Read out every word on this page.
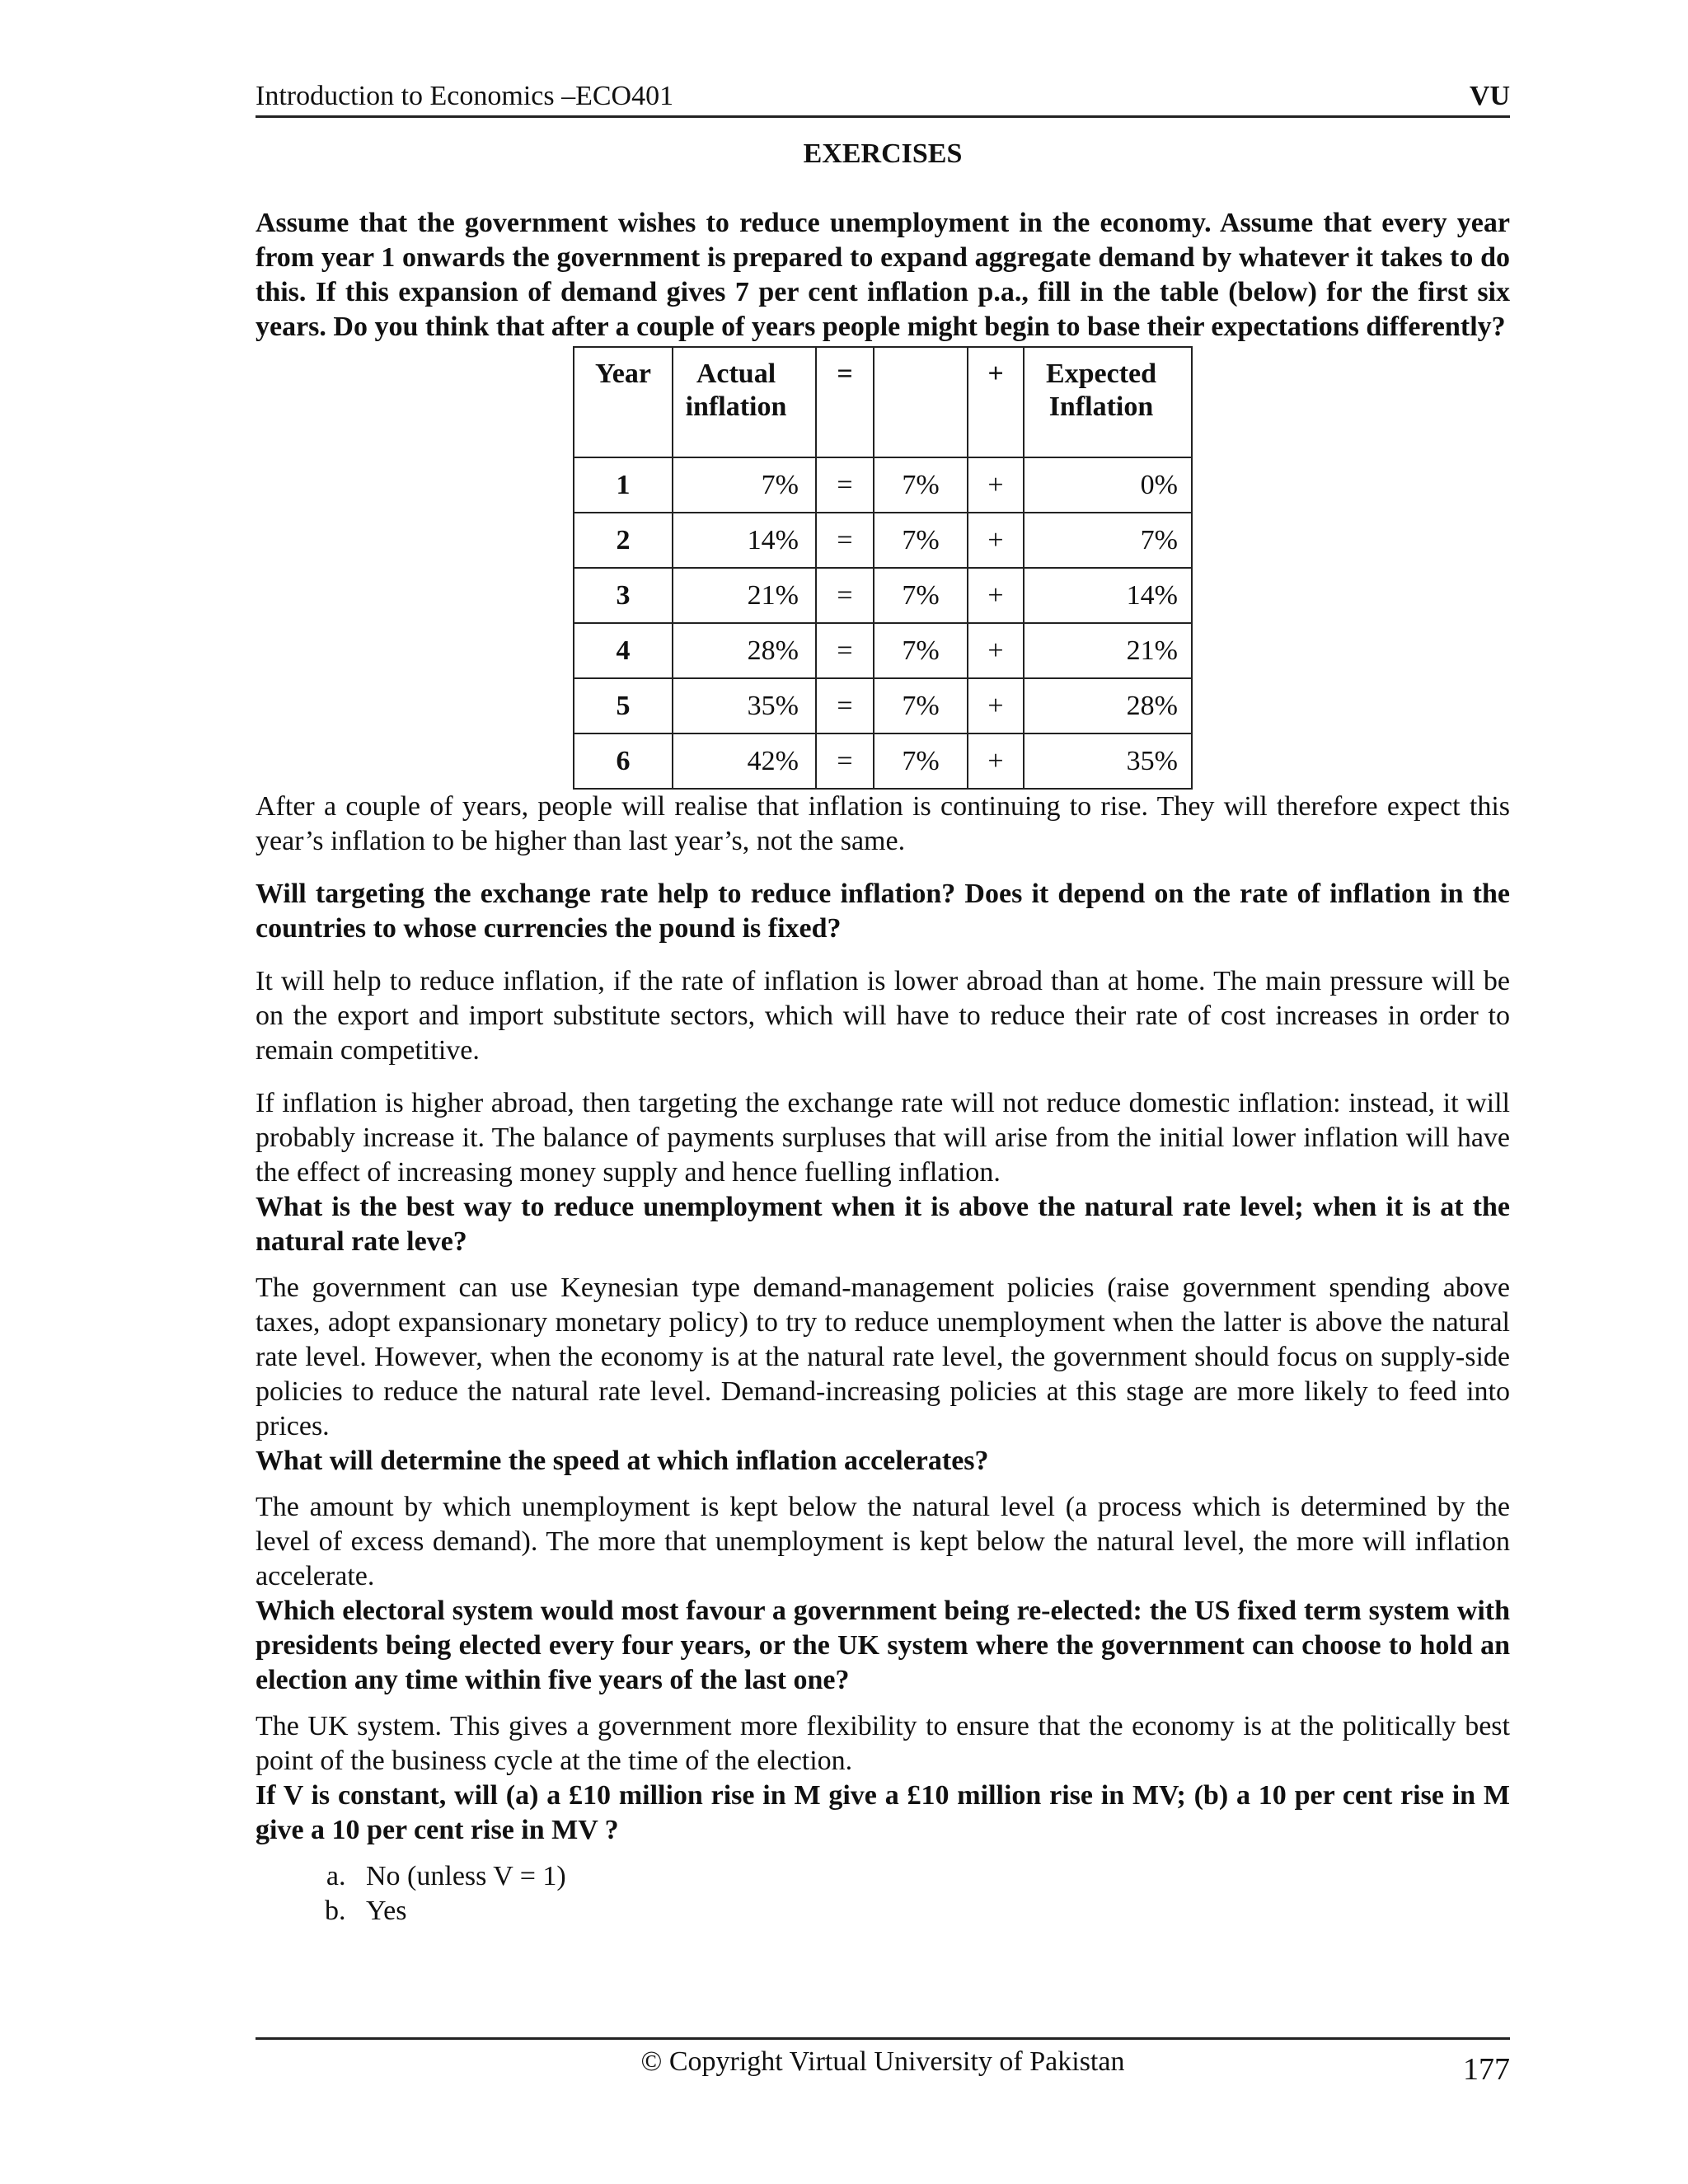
Introduction to Economics –ECO401	VU
EXERCISES

Assume that the government wishes to reduce unemployment in the economy. Assume that every year from year 1 onwards the government is prepared to expand aggregate demand by whatever it takes to do this. If this expansion of demand gives 7 per cent inflation p.a., fill in the table (below) for the first six years. Do you think that after a couple of years people might begin to base their expectations differently?

Year	Actual inflation	=		+	Expected Inflation
1	7%	=	7%	+	0%
2	14%	=	7%	+	7%
3	21%	=	7%	+	14%
4	28%	=	7%	+	21%
5	35%	=	7%	+	28%
6	42%	=	7%	+	35%

After a couple of years, people will realise that inflation is continuing to rise. They will therefore expect this year’s inflation to be higher than last year’s, not the same.

Will targeting the exchange rate help to reduce inflation? Does it depend on the rate of inflation in the countries to whose currencies the pound is fixed?

It will help to reduce inflation, if the rate of inflation is lower abroad than at home. The main pressure will be on the export and import substitute sectors, which will have to reduce their rate of cost increases in order to remain competitive.

If inflation is higher abroad, then targeting the exchange rate will not reduce domestic inflation: instead, it will probably increase it. The balance of payments surpluses that will arise from the initial lower inflation will have the effect of increasing money supply and hence fuelling inflation.

What is the best way to reduce unemployment when it is above the natural rate level; when it is at the natural rate leve?

The government can use Keynesian type demand-management policies (raise government spending above taxes, adopt expansionary monetary policy) to try to reduce unemployment when the latter is above the natural rate level. However, when the economy is at the natural rate level, the government should focus on supply-side policies to reduce the natural rate level. Demand-increasing policies at this stage are more likely to feed into prices.

What will determine the speed at which inflation accelerates?

The amount by which unemployment is kept below the natural level (a process which is determined by the level of excess demand). The more that unemployment is kept below the natural level, the more will inflation accelerate.

Which electoral system would most favour a government being re-elected: the US fixed term system with presidents being elected every four years, or the UK system where the government can choose to hold an election any time within five years of the last one?

The UK system. This gives a government more flexibility to ensure that the economy is at the politically best point of the business cycle at the time of the election.

If V is constant, will (a) a £10 million rise in M give a £10 million rise in MV; (b) a 10 per cent rise in M give a 10 per cent rise in MV ?

a. No (unless V = 1)
b. Yes
© Copyright Virtual University of Pakistan	177
